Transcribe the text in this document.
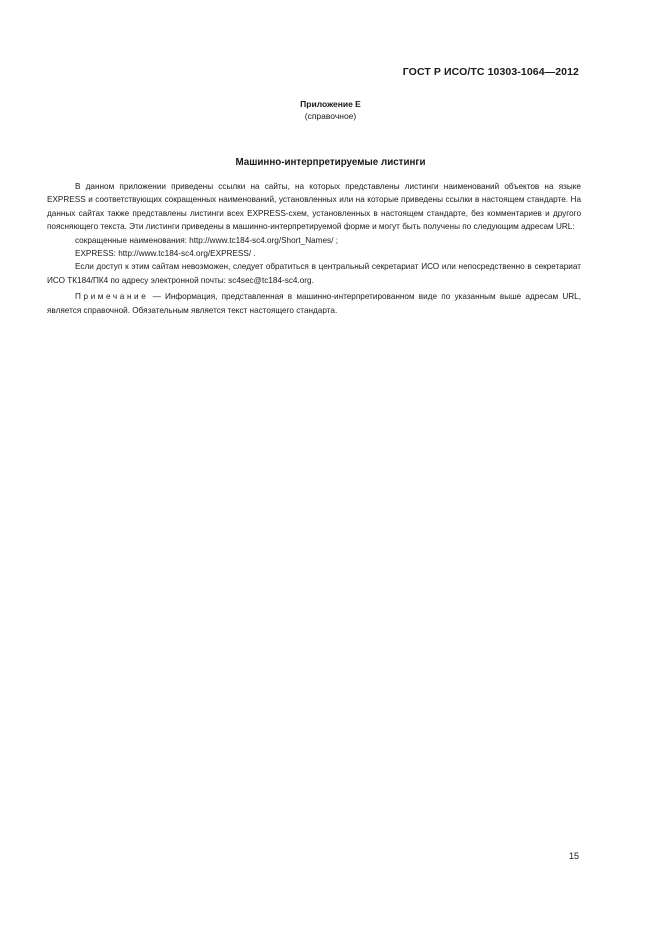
ГОСТ Р ИСО/ТС 10303-1064—2012
Приложение E
(справочное)
Машинно-интерпретируемые листинги

В данном приложении приведены ссылки на сайты, на которых представлены листинги наименований объектов на языке EXPRESS и соответствующих сокращенных наименований, установленных или на которые приведены ссылки в настоящем стандарте. На данных сайтах также представлены листинги всех EXPRESS-схем, установленных в настоящем стандарте, без комментариев и другого поясняющего текста. Эти листинги приведены в машинно-интерпретируемой форме и могут быть получены по следующим адресам URL:

сокращенные наименования: http://www.tc184-sc4.org/Short_Names/ ;

EXPRESS: http://www.tc184-sc4.org/EXPRESS/ .

Если доступ к этим сайтам невозможен, следует обратиться в центральный секретариат ИСО или непосредственно в секретариат ИСО ТК184/ПК4 по адресу электронной почты: sc4sec@tc184-sc4.org.

Примечание — Информация, представленная в машинно-интерпретированном виде по указанным выше адресам URL, является справочной. Обязательным является текст настоящего стандарта.

15
